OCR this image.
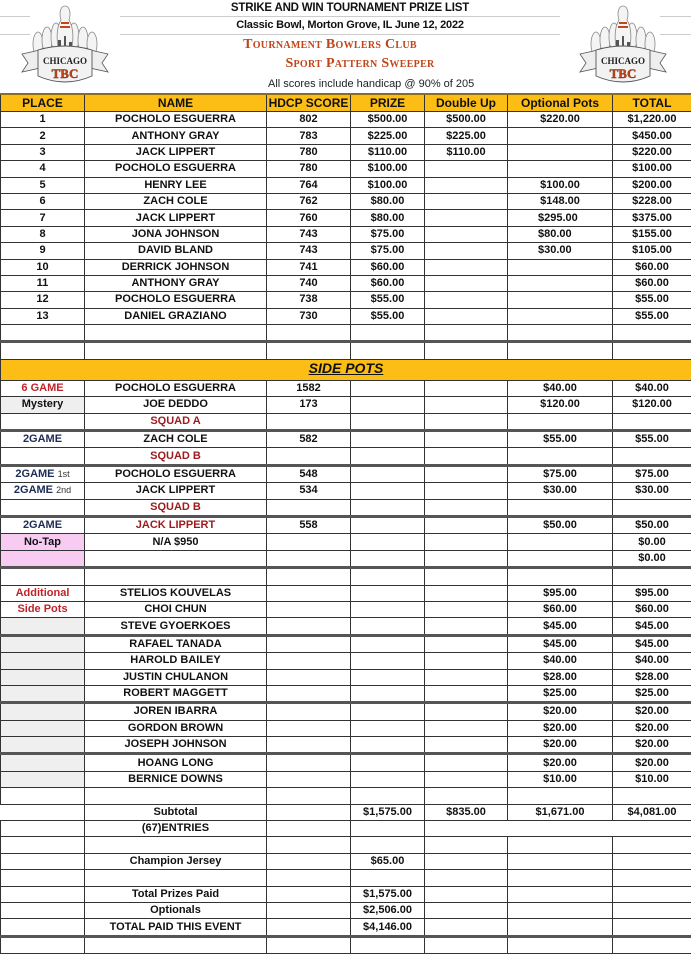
CHICAGO
TBC
CHICAGO
TBC
STRIKE AND WIN TOURNAMENT PRIZE LIST
Classic Bowl, Morton Grove, IL June 12, 2022
Tournament Bowlers Club
Sport Pattern Sweeper
All scores include handicap @ 90% of 205
PLACE	NAME	HDCP SCORE	PRIZE	Double Up	Optional Pots	TOTAL
1	POCHOLO ESGUERRA	802	$500.00	$500.00	$220.00	$1,220.00
2	ANTHONY GRAY	783	$225.00	$225.00		$450.00
3	JACK LIPPERT	780	$110.00	$110.00		$220.00
4	POCHOLO ESGUERRA	780	$100.00			$100.00
5	HENRY LEE	764	$100.00		$100.00	$200.00
6	ZACH COLE	762	$80.00		$148.00	$228.00
7	JACK LIPPERT	760	$80.00		$295.00	$375.00
8	JONA JOHNSON	743	$75.00		$80.00	$155.00
9	DAVID BLAND	743	$75.00		$30.00	$105.00
10	DERRICK JOHNSON	741	$60.00			$60.00
11	ANTHONY GRAY	740	$60.00			$60.00
12	POCHOLO ESGUERRA	738	$55.00			$55.00
13	DANIEL GRAZIANO	730	$55.00			$55.00

SIDE POTS						
6 GAME	POCHOLO ESGUERRA	1582			$40.00	$40.00
Mystery	JOE DEDDO	173			$120.00	$120.00
	SQUAD A					
2GAME	ZACH COLE	582			$55.00	$55.00
	SQUAD B					
2GAME 1st	POCHOLO ESGUERRA	548			$75.00	$75.00
2GAME 2nd	JACK LIPPERT	534			$30.00	$30.00
	SQUAD B					
2GAME	JACK LIPPERT	558			$50.00	$50.00
No-Tap	N/A $950					$0.00
						$0.00

Additional	STELIOS KOUVELAS				$95.00	$95.00
Side Pots	CHOI CHUN				$60.00	$60.00
	STEVE GYOERKOES				$45.00	$45.00
	RAFAEL TANADA				$45.00	$45.00
	HAROLD BAILEY				$40.00	$40.00
	JUSTIN CHULANON				$28.00	$28.00
	ROBERT MAGGETT				$25.00	$25.00
	JOREN IBARRA				$20.00	$20.00
	GORDON BROWN				$20.00	$20.00
	JOSEPH JOHNSON				$20.00	$20.00
	HOANG LONG				$20.00	$20.00
	BERNICE DOWNS				$10.00	$10.00

	Subtotal		$1,575.00	$835.00	$1,671.00	$4,081.00
	(67)ENTRIES					

	Champion Jersey		$65.00			

	Total Prizes Paid		$1,575.00			
	Optionals		$2,506.00			
	TOTAL PAID THIS EVENT		$4,146.00			
